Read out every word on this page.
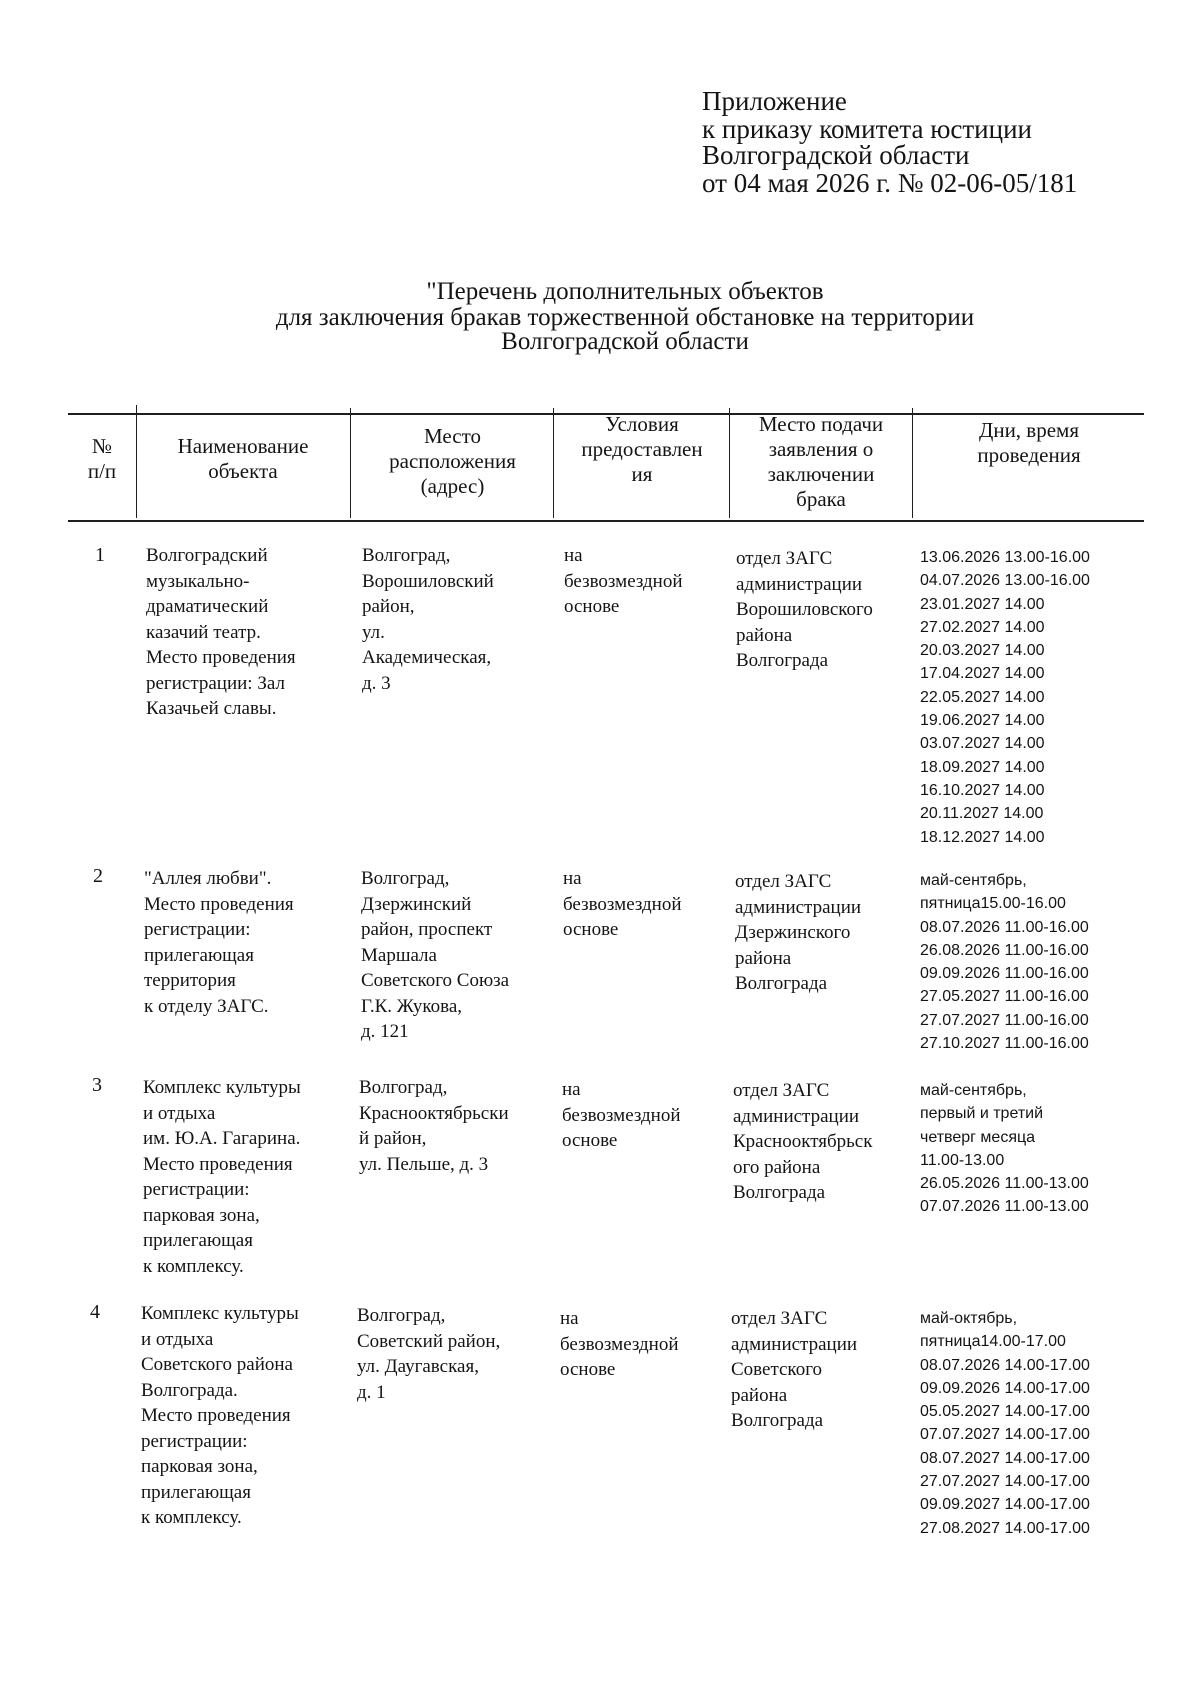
Приложение

к приказу комитета юстиции

Волгоградской области

от 04 мая 2026 г. № 02-06-05/181

"Перечень дополнительных объектов

для заключения бракав торжественной обстановке на территории

Волгоградской области

№
п/п
Наименование
объекта
Место
расположения
(адрес)
Условия
предоставлен
ия
Место подачи
заявления о
заключении
брака
Дни, время
проведения
1 Волгоградский
музыкально-
драматический
казачий театр.
Место проведения
регистрации: Зал
Казачьей славы.
Волгоград,
Ворошиловский
район,
ул.
Академическая,
д. 3
на
безвозмездной
основе
отдел ЗАГС
администрации
Ворошиловского
района
Волгограда
13.06.2026 13.00-16.00
04.07.2026 13.00-16.00
23.01.2027 14.00
27.02.2027 14.00
20.03.2027 14.00
17.04.2027 14.00
22.05.2027 14.00
19.06.2027 14.00
03.07.2027 14.00
18.09.2027 14.00
16.10.2027 14.00
20.11.2027 14.00
18.12.2027 14.00
2 "Аллея любви".
Место проведения
регистрации:
прилегающая
территория
к отделу ЗАГС.
Волгоград,
Дзержинский
район, проспект
Маршала
Советского Союза
Г.К. Жукова,
д. 121
на
безвозмездной
основе
отдел ЗАГС
администрации
Дзержинского
района
Волгограда
май-сентябрь,
пятница15.00-16.00
08.07.2026 11.00-16.00
26.08.2026 11.00-16.00
09.09.2026 11.00-16.00
27.05.2027 11.00-16.00
27.07.2027 11.00-16.00
27.10.2027 11.00-16.00
3 Комплекс культуры
и отдыха
им. Ю.А. Гагарина.
Место проведения
регистрации:
парковая зона,
прилегающая
к комплексу.
Волгоград,
Краснооктябрьски
й район,
ул. Пельше, д. 3
на
безвозмездной
основе
отдел ЗАГС
администрации
Краснооктябрьск
ого района
Волгограда
май-сентябрь,
первый и третий
четверг месяца
11.00-13.00
26.05.2026 11.00-13.00
07.07.2026 11.00-13.00
4 Комплекс культуры
и отдыха
Советского района
Волгограда.
Место проведения
регистрации:
парковая зона,
прилегающая
к комплексу.
Волгоград,
Советский район,
ул. Даугавская,
д. 1
на
безвозмездной
основе
отдел ЗАГС
администрации
Советского
района
Волгограда
май-октябрь,
пятница14.00-17.00
08.07.2026 14.00-17.00
09.09.2026 14.00-17.00
05.05.2027 14.00-17.00
07.07.2027 14.00-17.00
08.07.2027 14.00-17.00
27.07.2027 14.00-17.00
09.09.2027 14.00-17.00
27.08.2027 14.00-17.00
